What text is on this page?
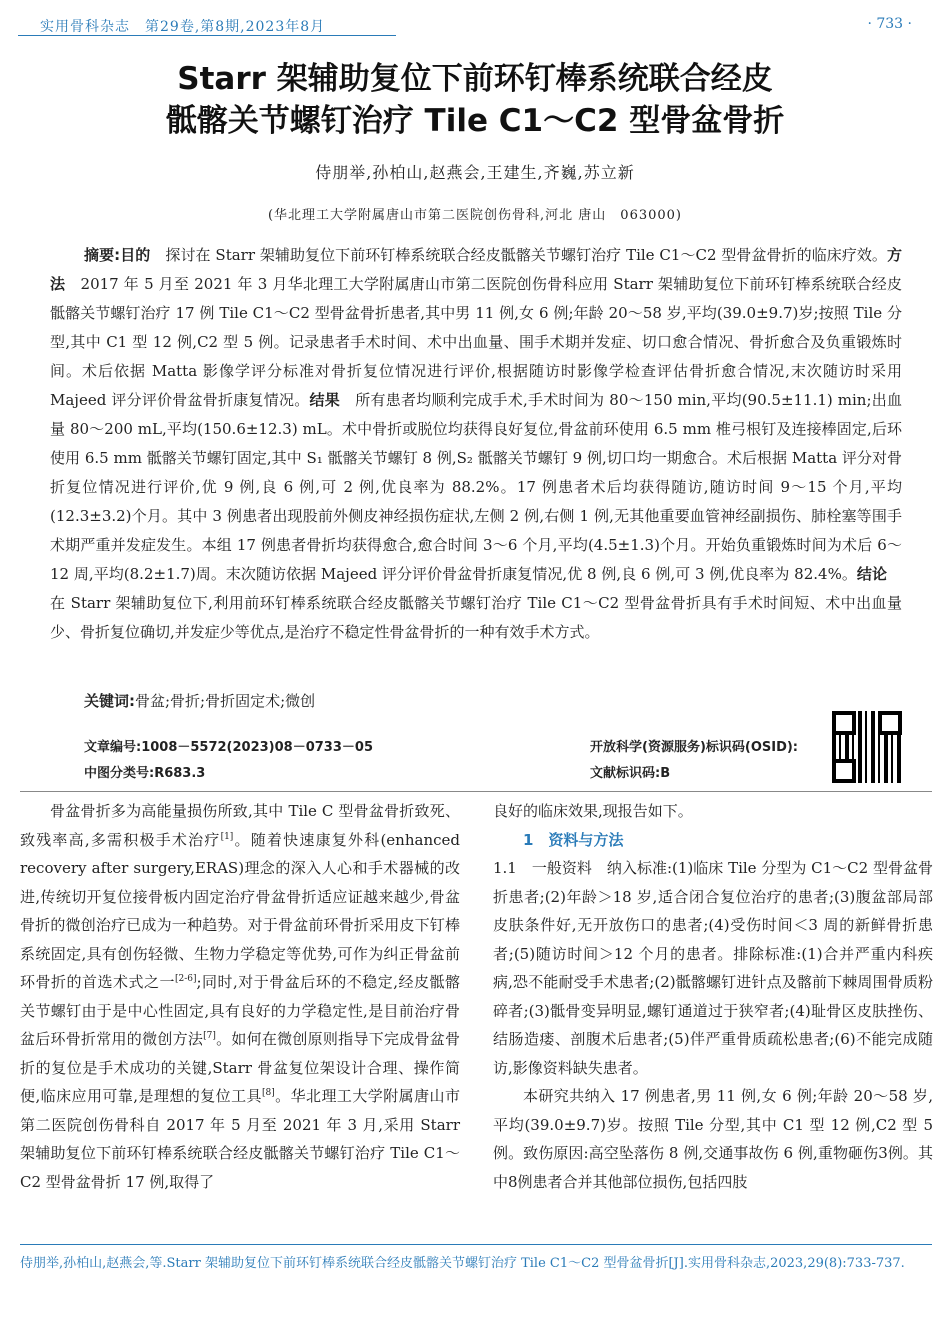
实用骨科杂志　第29卷,第8期,2023年8月	· 733 ·
Starr 架辅助复位下前环钉棒系统联合经皮
骶髂关节螺钉治疗 Tile C1～C2 型骨盆骨折
侍朋举,孙柏山,赵燕会,王建生,齐巍,苏立新
(华北理工大学附属唐山市第二医院创伤骨科,河北 唐山　063000)
摘要:目的　探讨在 Starr 架辅助复位下前环钉棒系统联合经皮骶髂关节螺钉治疗 Tile C1～C2 型骨盆骨折的临床疗效。方法　2017 年 5 月至 2021 年 3 月华北理工大学附属唐山市第二医院创伤骨科应用 Starr 架辅助复位下前环钉棒系统联合经皮骶髂关节螺钉治疗 17 例 Tile C1～C2 型骨盆骨折患者,其中男 11 例,女 6 例;年龄 20～58 岁,平均(39.0±9.7)岁;按照 Tile 分型,其中 C1 型 12 例,C2 型 5 例。记录患者手术时间、术中出血量、围手术期并发症、切口愈合情况、骨折愈合及负重锻炼时间。术后依据 Matta 影像学评分标准对骨折复位情况进行评价,根据随访时影像学检查评估骨折愈合情况,末次随访时采用 Majeed 评分评价骨盆骨折康复情况。结果　所有患者均顺利完成手术,手术时间为 80～150 min,平均(90.5±11.1) min;出血量 80～200 mL,平均(150.6±12.3) mL。术中骨折或脱位均获得良好复位,骨盆前环使用 6.5 mm 椎弓根钉及连接棒固定,后环使用 6.5 mm 骶髂关节螺钉固定,其中 S₁ 骶髂关节螺钉 8 例,S₂ 骶髂关节螺钉 9 例,切口均一期愈合。术后根据 Matta 评分对骨折复位情况进行评价,优 9 例,良 6 例,可 2 例,优良率为 88.2%。17 例患者术后均获得随访,随访时间 9～15 个月,平均(12.3±3.2)个月。其中 3 例患者出现股前外侧皮神经损伤症状,左侧 2 例,右侧 1 例,无其他重要血管神经副损伤、肺栓塞等围手术期严重并发症发生。本组 17 例患者骨折均获得愈合,愈合时间 3～6 个月,平均(4.5±1.3)个月。开始负重锻炼时间为术后 6～12 周,平均(8.2±1.7)周。末次随访依据 Majeed 评分评价骨盆骨折康复情况,优 8 例,良 6 例,可 3 例,优良率为 82.4%。结论　在 Starr 架辅助复位下,利用前环钉棒系统联合经皮骶髂关节螺钉治疗 Tile C1～C2 型骨盆骨折具有手术时间短、术中出血量少、骨折复位确切,并发症少等优点,是治疗不稳定性骨盆骨折的一种有效手术方式。
关键词:骨盆;骨折;骨折固定术;微创
文章编号:1008－5572(2023)08－0733－05
中图分类号:R683.3
开放科学(资源服务)标识码(OSID):
文献标识码:B

骨盆骨折多为高能量损伤所致,其中 Tile C 型骨盆骨折致死、致残率高,多需积极手术治疗[1]。随着快速康复外科(enhanced recovery after surgery,ERAS)理念的深入人心和手术器械的改进,传统切开复位接骨板内固定治疗骨盆骨折适应证越来越少,骨盆骨折的微创治疗已成为一种趋势。对于骨盆前环骨折采用皮下钉棒系统固定,具有创伤轻微、生物力学稳定等优势,可作为纠正骨盆前环骨折的首选术式之一[2-6];同时,对于骨盆后环的不稳定,经皮骶髂关节螺钉由于是中心性固定,具有良好的力学稳定性,是目前治疗骨盆后环骨折常用的微创方法[7]。如何在微创原则指导下完成骨盆骨折的复位是手术成功的关键,Starr 骨盆复位架设计合理、操作简便,临床应用可靠,是理想的复位工具[8]。华北理工大学附属唐山市第二医院创伤骨科自 2017 年 5 月至 2021 年 3 月,采用 Starr 架辅助复位下前环钉棒系统联合经皮骶髂关节螺钉治疗 Tile C1～C2 型骨盆骨折 17 例,取得了

良好的临床效果,现报告如下。

1　资料与方法

1.1　一般资料　纳入标准:(1)临床 Tile 分型为 C1～C2 型骨盆骨折患者;(2)年龄＞18 岁,适合闭合复位治疗的患者;(3)腹盆部局部皮肤条件好,无开放伤口的患者;(4)受伤时间＜3 周的新鲜骨折患者;(5)随访时间＞12 个月的患者。排除标准:(1)合并严重内科疾病,恐不能耐受手术患者;(2)骶髂螺钉进针点及髂前下棘周围骨质粉碎者;(3)骶骨变异明显,螺钉通道过于狭窄者;(4)耻骨区皮肤挫伤、结肠造瘘、剖腹术后患者;(5)伴严重骨质疏松患者;(6)不能完成随访,影像资料缺失患者。

本研究共纳入 17 例患者,男 11 例,女 6 例;年龄 20～58 岁,平均(39.0±9.7)岁。按照 Tile 分型,其中 C1 型 12 例,C2 型 5 例。致伤原因:高空坠落伤 8 例,交通事故伤 6 例,重物砸伤3例。其中8例患者合并其他部位损伤,包括四肢

侍朋举,孙柏山,赵燕会,等.Starr 架辅助复位下前环钉棒系统联合经皮骶髂关节螺钉治疗 Tile C1～C2 型骨盆骨折[J].实用骨科杂志,2023,29(8):733-737.
